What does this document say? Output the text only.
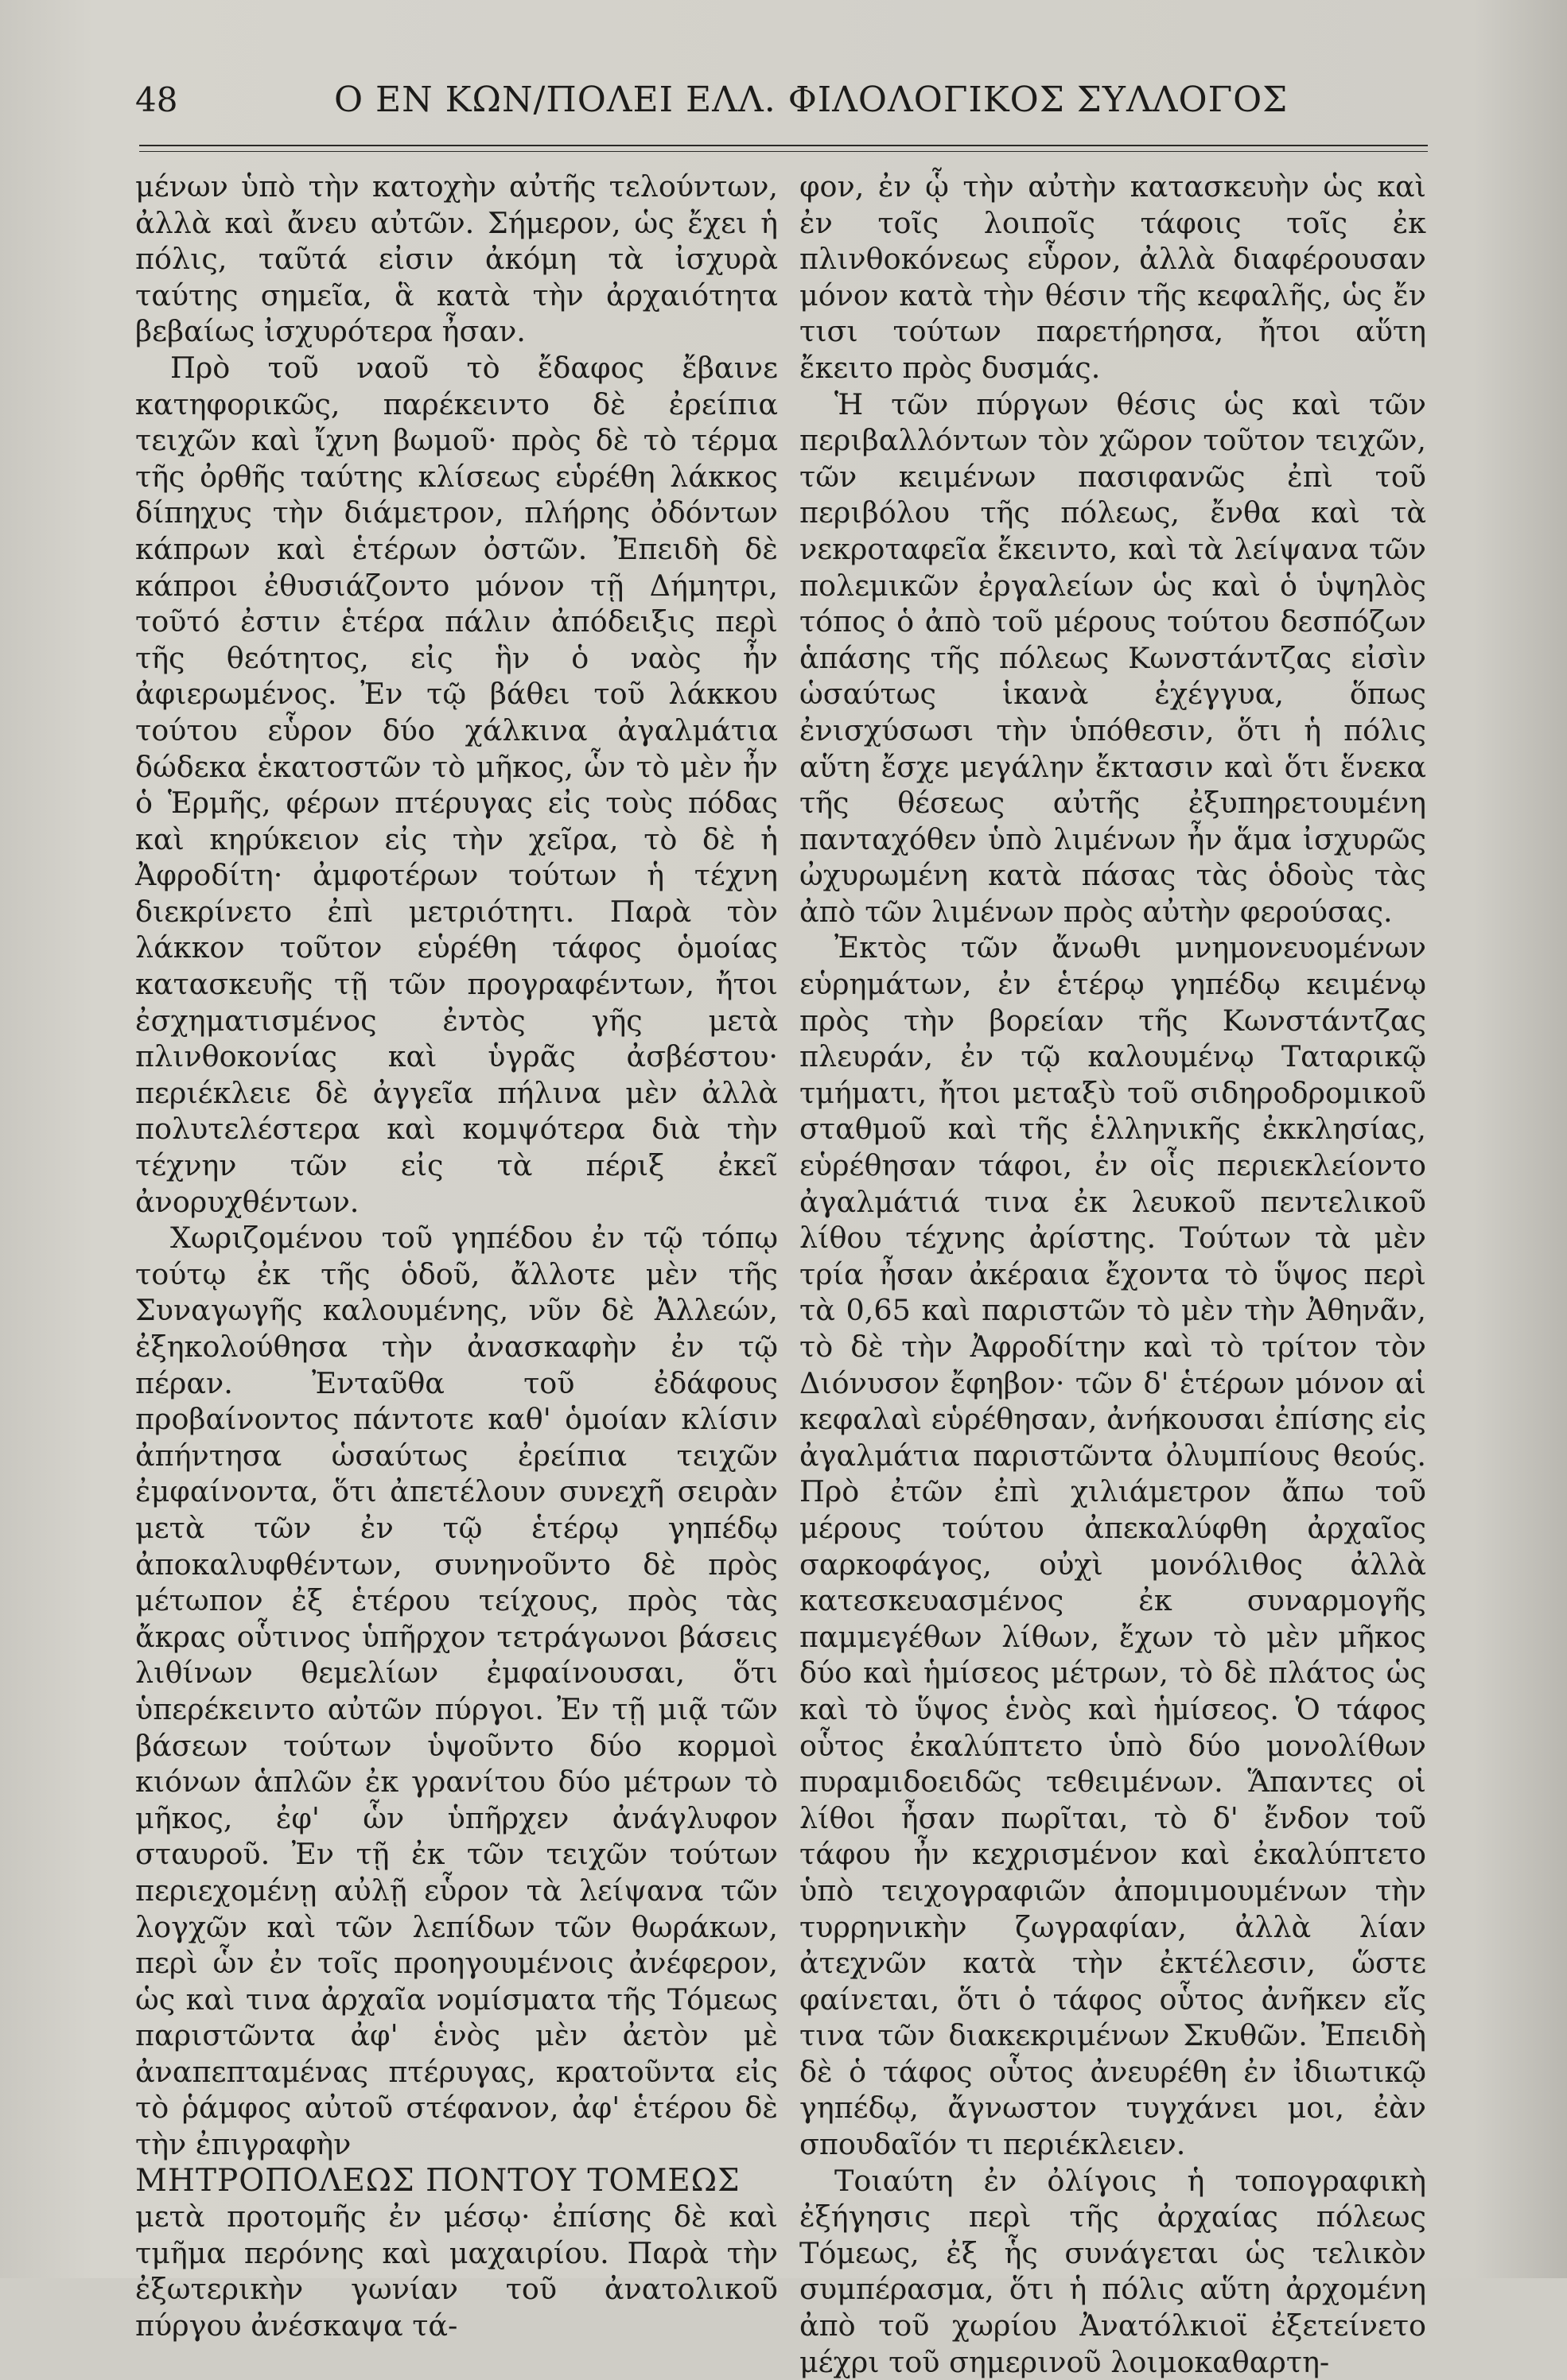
48	Ο ΕΝ ΚΩΝ/ΠΟΛΕΙ ΕΛΛ. ΦΙΛΟΛΟΓΙΚΟΣ ΣΥΛΛΟΓΟΣ

μένων ὑπὸ τὴν κατοχὴν αὐτῆς τελούντων, ἀλλὰ καὶ ἄνευ αὐτῶν. Σήμερον, ὡς ἔχει ἡ πόλις, ταῦτά εἰσιν ἀκόμη τὰ ἰσχυρὰ ταύτης σημεῖα, ἃ κατὰ τὴν ἀρχαιότητα βεβαίως ἰσχυρότερα ἦσαν.

Πρὸ τοῦ ναοῦ τὸ ἔδαφος ἔβαινε κατηφορικῶς, παρέκειντο δὲ ἐρείπια τειχῶν καὶ ἴχνη βωμοῦ· πρὸς δὲ τὸ τέρμα τῆς ὀρθῆς ταύτης κλίσεως εὑρέθη λάκκος δίπηχυς τὴν διάμετρον, πλήρης ὀδόντων κάπρων καὶ ἑτέρων ὀστῶν. Ἐπειδὴ δὲ κάπροι ἐθυσιάζοντο μόνον τῇ Δήμητρι, τοῦτό ἐστιν ἑτέρα πάλιν ἀπόδειξις περὶ τῆς θεότητος, εἰς ἣν ὁ ναὸς ἦν ἀφιερωμένος. Ἐν τῷ βάθει τοῦ λάκκου τούτου εὗρον δύο χάλκινα ἀγαλμάτια δώδεκα ἑκατοστῶν τὸ μῆκος, ὧν τὸ μὲν ἦν ὁ Ἑρμῆς, φέρων πτέρυγας εἰς τοὺς πόδας καὶ κηρύκειον εἰς τὴν χεῖρα, τὸ δὲ ἡ Ἀφροδίτη· ἀμφοτέρων τούτων ἡ τέχνη διεκρίνετο ἐπὶ μετριότητι. Παρὰ τὸν λάκκον τοῦτον εὑρέθη τάφος ὁμοίας κατασκευῆς τῇ τῶν προγραφέντων, ἤτοι ἐσχηματισμένος ἐντὸς γῆς μετὰ πλινθοκονίας καὶ ὑγρᾶς ἀσβέστου· περιέκλειε δὲ ἀγγεῖα πήλινα μὲν ἀλλὰ πολυτελέστερα καὶ κομψότερα διὰ τὴν τέχνην τῶν εἰς τὰ πέριξ ἐκεῖ ἀνορυχθέντων.

Χωριζομένου τοῦ γηπέδου ἐν τῷ τόπῳ τούτῳ ἐκ τῆς ὁδοῦ, ἄλλοτε μὲν τῆς Συναγωγῆς καλουμένης, νῦν δὲ Ἀλλεών, ἐξηκολούθησα τὴν ἀνασκαφὴν ἐν τῷ πέραν. Ἐνταῦθα τοῦ ἐδάφους προβαίνοντος πάντοτε καθ' ὁμοίαν κλίσιν ἀπήντησα ὡσαύτως ἐρείπια τειχῶν ἐμφαίνοντα, ὅτι ἀπετέλουν συνεχῆ σειρὰν μετὰ τῶν ἐν τῷ ἑτέρῳ γηπέδῳ ἀποκαλυφθέντων, συνηνοῦντο δὲ πρὸς μέτωπον ἐξ ἑτέρου τείχους, πρὸς τὰς ἄκρας οὗτινος ὑπῆρχον τετράγωνοι βάσεις λιθίνων θεμελίων ἐμφαίνουσαι, ὅτι ὑπερέκειντο αὐτῶν πύργοι. Ἐν τῇ μιᾷ τῶν βάσεων τούτων ὑψοῦντο δύο κορμοὶ κιόνων ἁπλῶν ἐκ γρανίτου δύο μέτρων τὸ μῆκος, ἐφ' ὧν ὑπῆρχεν ἀνάγλυφον σταυροῦ. Ἐν τῇ ἐκ τῶν τειχῶν τούτων περιεχομένῃ αὐλῇ εὗρον τὰ λείψανα τῶν λογχῶν καὶ τῶν λεπίδων τῶν θωράκων, περὶ ὧν ἐν τοῖς προηγουμένοις ἀνέφερον, ὡς καὶ τινα ἀρχαῖα νομίσματα τῆς Τόμεως παριστῶντα ἀφ' ἑνὸς μὲν ἀετὸν μὲ ἀναπεπταμένας πτέρυγας, κρατοῦντα εἰς τὸ ῥάμφος αὐτοῦ στέφανον, ἀφ' ἑτέρου δὲ τὴν ἐπιγραφὴν

ΜΗΤΡΟΠΟΛΕΩΣ ΠΟΝΤΟΥ ΤΟΜΕΩΣ

μετὰ προτομῆς ἐν μέσῳ· ἐπίσης δὲ καὶ τμῆμα περόνης καὶ μαχαιρίου. Παρὰ τὴν ἐξωτερικὴν γωνίαν τοῦ ἀνατολικοῦ πύργου ἀνέσκαψα τά-

φον, ἐν ᾧ τὴν αὐτὴν κατασκευὴν ὡς καὶ ἐν τοῖς λοιποῖς τάφοις τοῖς ἐκ πλινθοκόνεως εὗρον, ἀλλὰ διαφέρουσαν μόνον κατὰ τὴν θέσιν τῆς κεφαλῆς, ὡς ἔν τισι τούτων παρετήρησα, ἤτοι αὕτη ἔκειτο πρὸς δυσμάς.

Ἡ τῶν πύργων θέσις ὡς καὶ τῶν περιβαλλόντων τὸν χῶρον τοῦτον τειχῶν, τῶν κειμένων πασιφανῶς ἐπὶ τοῦ περιβόλου τῆς πόλεως, ἔνθα καὶ τὰ νεκροταφεῖα ἔκειντο, καὶ τὰ λείψανα τῶν πολεμικῶν ἐργαλείων ὡς καὶ ὁ ὑψηλὸς τόπος ὁ ἀπὸ τοῦ μέρους τούτου δεσπόζων ἁπάσης τῆς πόλεως Κωνστάντζας εἰσὶν ὡσαύτως ἱκανὰ ἐχέγγυα, ὅπως ἐνισχύσωσι τὴν ὑπόθεσιν, ὅτι ἡ πόλις αὕτη ἔσχε μεγάλην ἔκτασιν καὶ ὅτι ἕνεκα τῆς θέσεως αὐτῆς ἐξυπηρετουμένη πανταχόθεν ὑπὸ λιμένων ἦν ἅμα ἰσχυρῶς ὠχυρωμένη κατὰ πάσας τὰς ὁδοὺς τὰς ἀπὸ τῶν λιμένων πρὸς αὐτὴν φερούσας.

Ἐκτὸς τῶν ἄνωθι μνημονευομένων εὑρημάτων, ἐν ἑτέρῳ γηπέδῳ κειμένῳ πρὸς τὴν βορείαν τῆς Κωνστάντζας πλευράν, ἐν τῷ καλουμένῳ Ταταρικῷ τμήματι, ἤτοι μεταξὺ τοῦ σιδηροδρομικοῦ σταθμοῦ καὶ τῆς ἑλληνικῆς ἐκκλησίας, εὑρέθησαν τάφοι, ἐν οἷς περιεκλείοντο ἀγαλμάτιά τινα ἐκ λευκοῦ πεντελικοῦ λίθου τέχνης ἀρίστης. Τούτων τὰ μὲν τρία ἦσαν ἀκέραια ἔχοντα τὸ ὕψος περὶ τὰ 0,65 καὶ παριστῶν τὸ μὲν τὴν Ἀθηνᾶν, τὸ δὲ τὴν Ἀφροδίτην καὶ τὸ τρίτον τὸν Διόνυσον ἔφηβον· τῶν δ' ἑτέρων μόνον αἱ κεφαλαὶ εὑρέθησαν, ἀνήκουσαι ἐπίσης εἰς ἀγαλμάτια παριστῶντα ὀλυμπίους θεούς. Πρὸ ἐτῶν ἐπὶ χιλιάμετρον ἄπω τοῦ μέρους τούτου ἀπεκαλύφθη ἀρχαῖος σαρκοφάγος, οὐχὶ μονόλιθος ἀλλὰ κατεσκευασμένος ἐκ συναρμογῆς παμμεγέθων λίθων, ἔχων τὸ μὲν μῆκος δύο καὶ ἡμίσεος μέτρων, τὸ δὲ πλάτος ὡς καὶ τὸ ὕψος ἑνὸς καὶ ἡμίσεος. Ὁ τάφος οὗτος ἐκαλύπτετο ὑπὸ δύο μονολίθων πυραμιδοειδῶς τεθειμένων. Ἅπαντες οἱ λίθοι ἦσαν πωρῖται, τὸ δ' ἔνδον τοῦ τάφου ἦν κεχρισμένον καὶ ἐκαλύπτετο ὑπὸ τειχογραφιῶν ἀπομιμουμένων τὴν τυρρηνικὴν ζωγραφίαν, ἀλλὰ λίαν ἀτεχνῶν κατὰ τὴν ἐκτέλεσιν, ὥστε φαίνεται, ὅτι ὁ τάφος οὗτος ἀνῆκεν εἴς τινα τῶν διακεκριμένων Σκυθῶν. Ἐπειδὴ δὲ ὁ τάφος οὗτος ἀνευρέθη ἐν ἰδιωτικῷ γηπέδῳ, ἄγνωστον τυγχάνει μοι, ἐὰν σπουδαῖόν τι περιέκλειεν.

Τοιαύτη ἐν ὀλίγοις ἡ τοπογραφικὴ ἐξήγησις περὶ τῆς ἀρχαίας πόλεως Τόμεως, ἐξ ἧς συνάγεται ὡς τελικὸν συμπέρασμα, ὅτι ἡ πόλις αὕτη ἀρχομένη ἀπὸ τοῦ χωρίου Ἀνατόλκιοϊ ἐξετείνετο μέχρι τοῦ σημερινοῦ λοιμοκαθαρτη-
